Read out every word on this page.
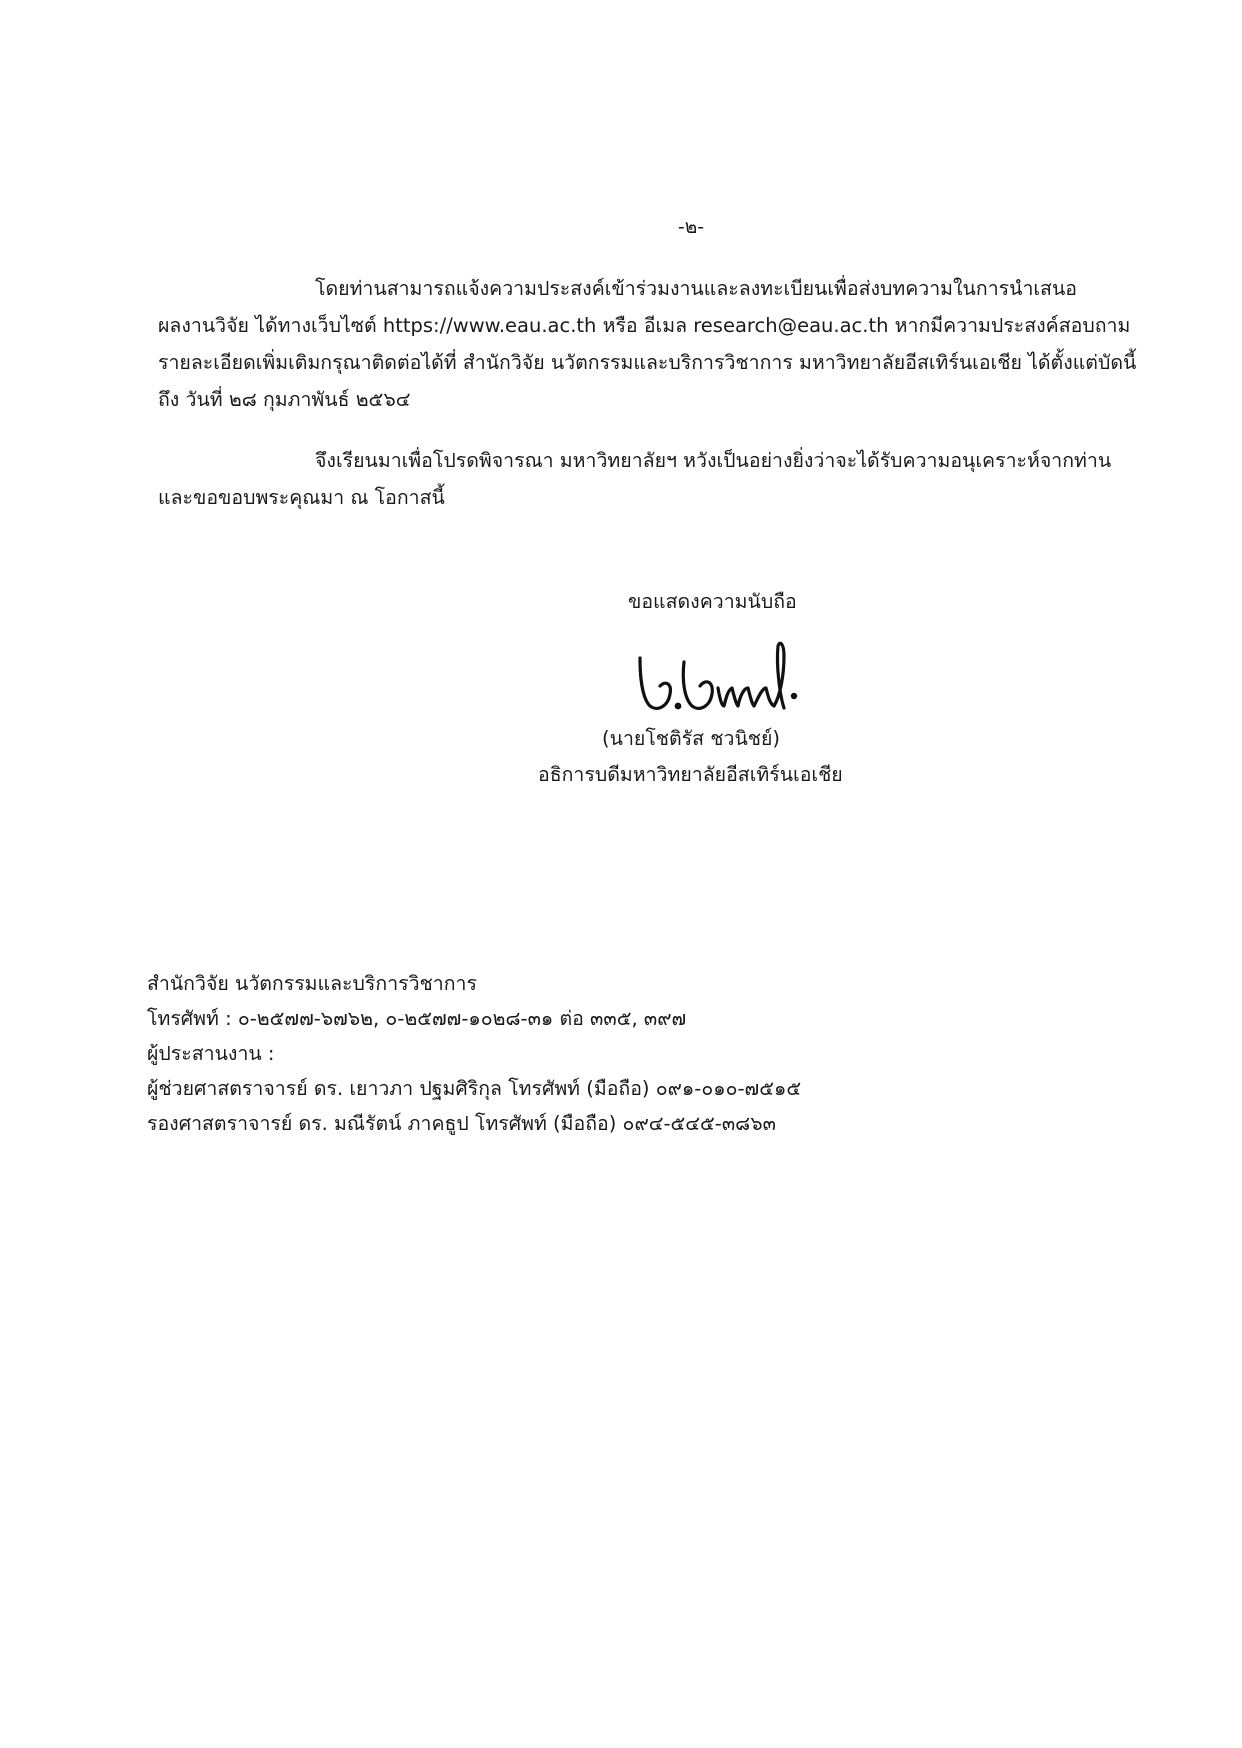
-๒-
โดยท่านสามารถแจ้งความประสงค์เข้าร่วมงานและลงทะเบียนเพื่อส่งบทความในการนำเสนอ
ผลงานวิจัย ได้ทางเว็บไซต์ https://www.eau.ac.th หรือ อีเมล research@eau.ac.th หากมีความประสงค์สอบถาม
รายละเอียดเพิ่มเติมกรุณาติดต่อได้ที่ สำนักวิจัย นวัตกรรมและบริการวิชาการ มหาวิทยาลัยอีสเทิร์นเอเชีย ได้ตั้งแต่บัดนี้
ถึง วันที่ ๒๘ กุมภาพันธ์ ๒๕๖๔
จึงเรียนมาเพื่อโปรดพิจารณา มหาวิทยาลัยฯ หวังเป็นอย่างยิ่งว่าจะได้รับความอนุเคราะห์จากท่าน
และขอขอบพระคุณมา ณ โอกาสนี้
ขอแสดงความนับถือ
(นายโชติรัส ชวนิชย์)
อธิการบดีมหาวิทยาลัยอีสเทิร์นเอเชีย
สำนักวิจัย นวัตกรรมและบริการวิชาการ
โทรศัพท์ : ๐-๒๕๗๗-๖๗๖๒, ๐-๒๕๗๗-๑๐๒๘-๓๑ ต่อ ๓๓๕, ๓๙๗
ผู้ประสานงาน :
ผู้ช่วยศาสตราจารย์ ดร. เยาวภา ปฐมศิริกุล โทรศัพท์ (มือถือ) ๐๙๑-๐๑๐-๗๕๑๕
รองศาสตราจารย์ ดร. มณีรัตน์ ภาคธูป โทรศัพท์ (มือถือ) ๐๙๔-๕๔๕-๓๘๖๓
